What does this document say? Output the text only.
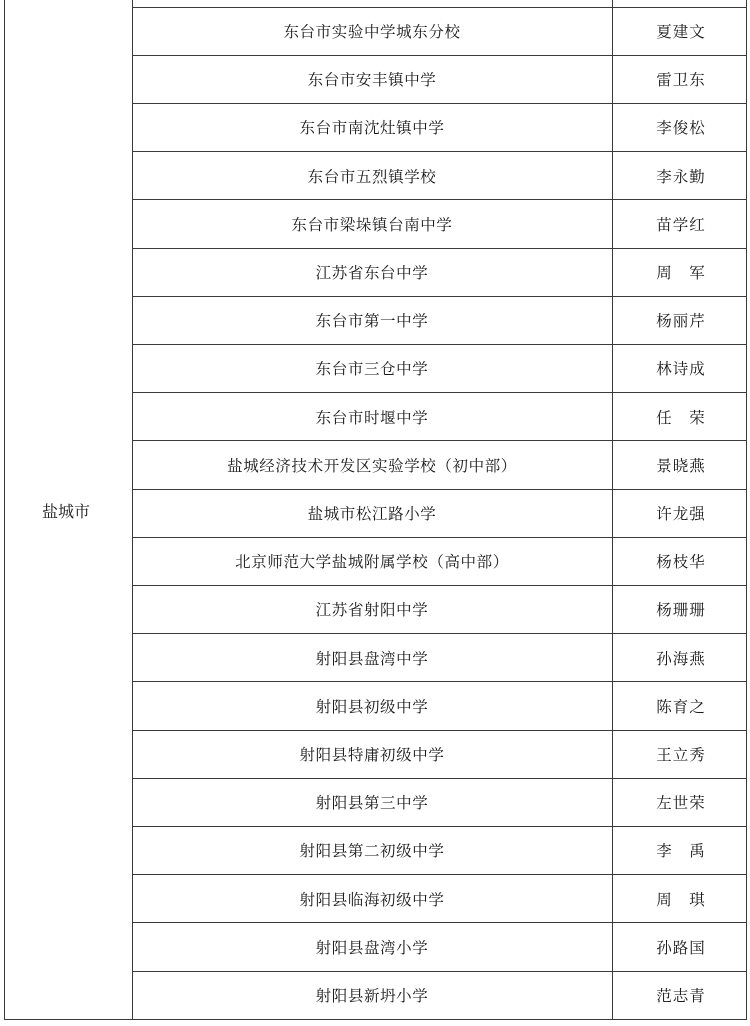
盐城市
东台市实验中学城东分校	夏建文
东台市安丰镇中学	雷卫东
东台市南沈灶镇中学	李俊松
东台市五烈镇学校	李永勤
东台市梁垛镇台南中学	苗学红
江苏省东台中学	周　军
东台市第一中学	杨丽芹
东台市三仓中学	林诗成
东台市时堰中学	任　荣
盐城经济技术开发区实验学校（初中部）	景晓燕
盐城市松江路小学	许龙强
北京师范大学盐城附属学校（高中部）	杨枝华
江苏省射阳中学	杨珊珊
射阳县盘湾中学	孙海燕
射阳县初级中学	陈育之
射阳县特庸初级中学	王立秀
射阳县第三中学	左世荣
射阳县第二初级中学	李　禹
射阳县临海初级中学	周　琪
射阳县盘湾小学	孙路国
射阳县新坍小学	范志青
